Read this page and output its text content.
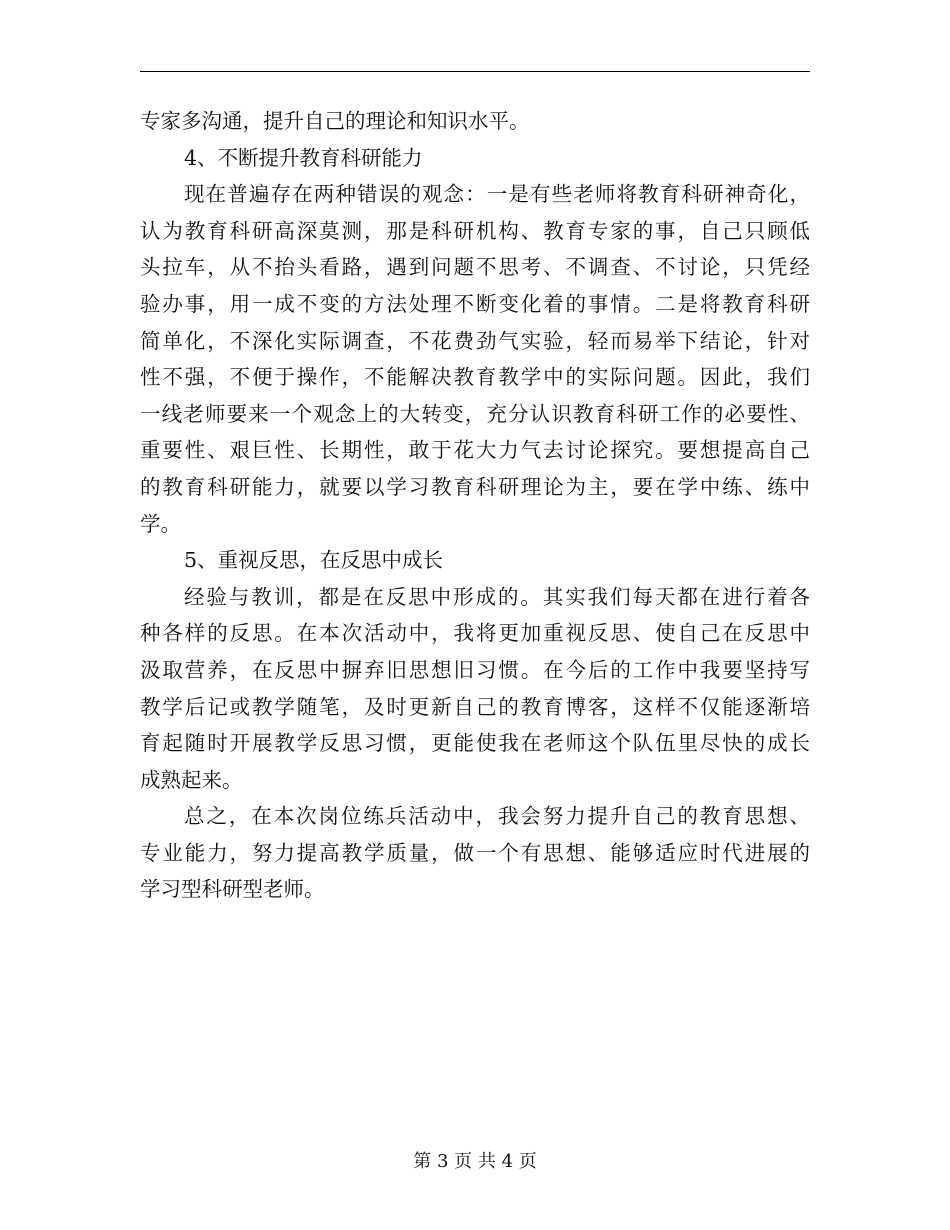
专家多沟通，提升自己的理论和知识水平。
4、不断提升教育科研能力
现在普遍存在两种错误的观念：一是有些老师将教育科研神奇化，
认为教育科研高深莫测，那是科研机构、教育专家的事，自己只顾低
头拉车，从不抬头看路，遇到问题不思考、不调查、不讨论，只凭经
验办事，用一成不变的方法处理不断变化着的事情。二是将教育科研
简单化，不深化实际调查，不花费劲气实验，轻而易举下结论，针对
性不强，不便于操作，不能解决教育教学中的实际问题。因此，我们
一线老师要来一个观念上的大转变，充分认识教育科研工作的必要性、
重要性、艰巨性、长期性，敢于花大力气去讨论探究。要想提高自己
的教育科研能力，就要以学习教育科研理论为主，要在学中练、练中
学。
5、重视反思，在反思中成长
经验与教训，都是在反思中形成的。其实我们每天都在进行着各
种各样的反思。在本次活动中，我将更加重视反思、使自己在反思中
汲取营养，在反思中摒弃旧思想旧习惯。在今后的工作中我要坚持写
教学后记或教学随笔，及时更新自己的教育博客，这样不仅能逐渐培
育起随时开展教学反思习惯，更能使我在老师这个队伍里尽快的成长
成熟起来。
总之，在本次岗位练兵活动中，我会努力提升自己的教育思想、
专业能力，努力提高教学质量，做一个有思想、能够适应时代进展的
学习型科研型老师。
第 3 页 共 4 页
